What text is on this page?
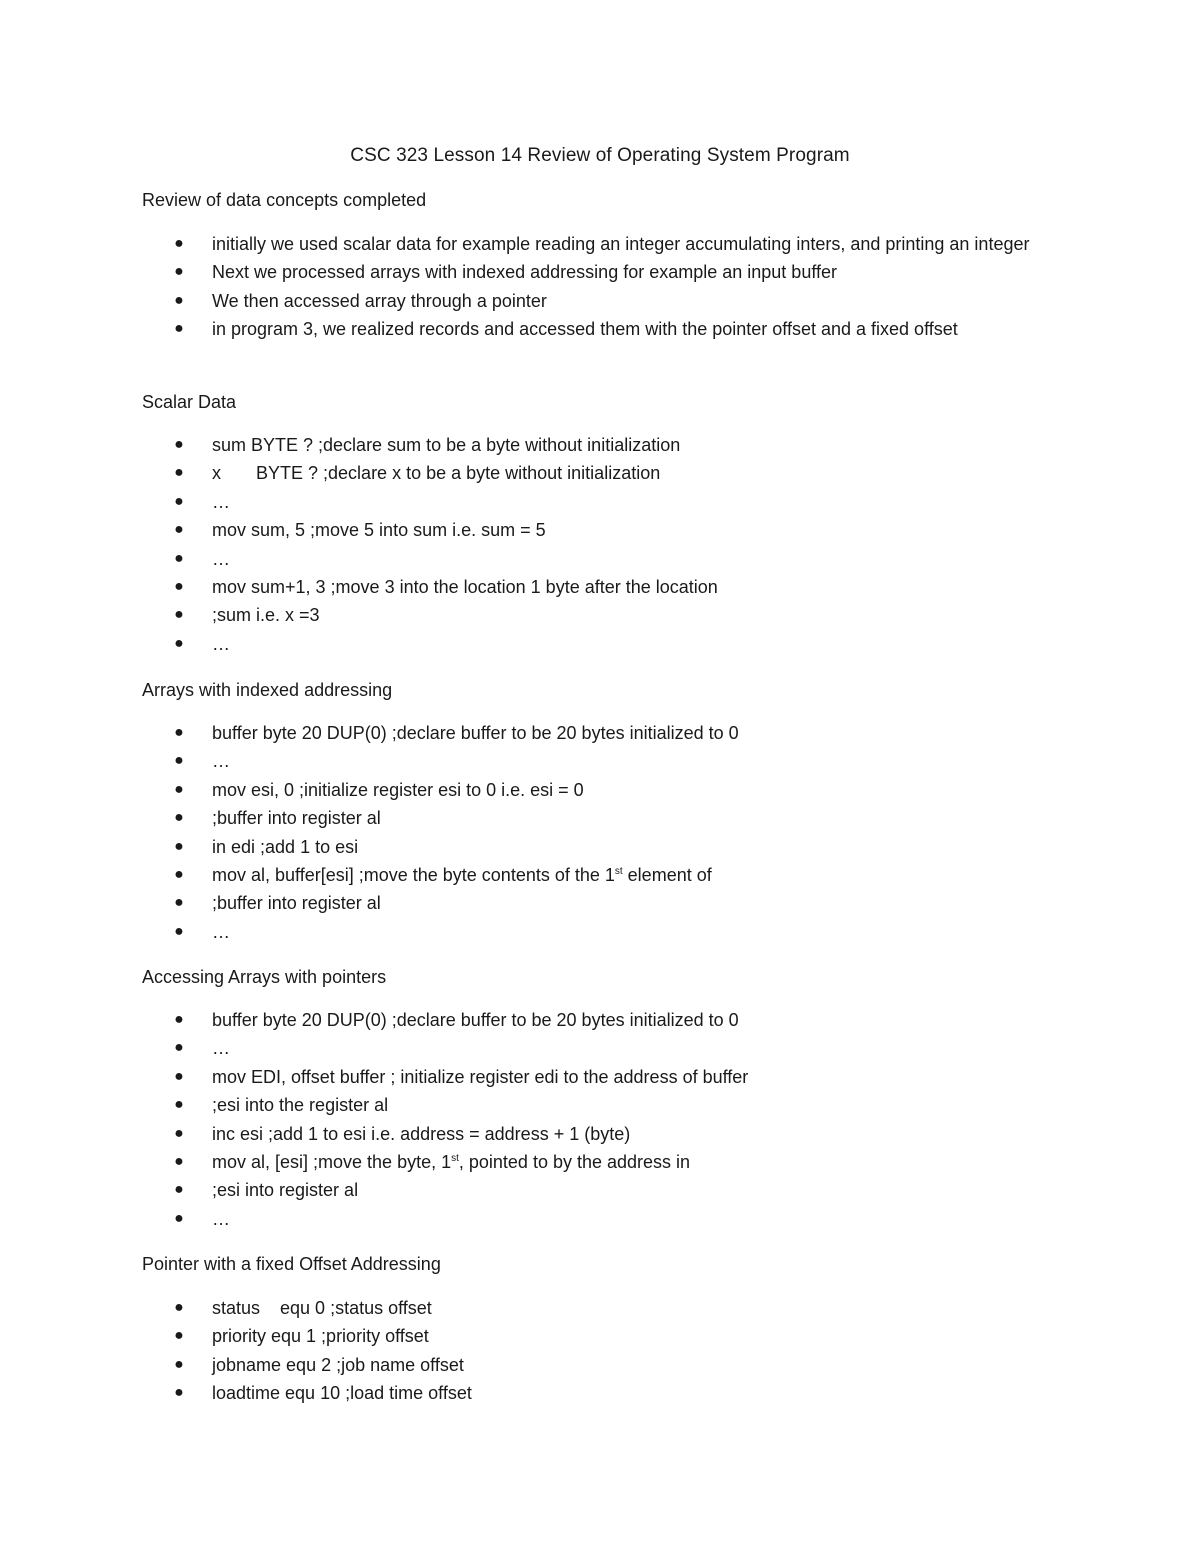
CSC 323 Lesson 14 Review of Operating System Program
Review of data concepts completed
● initially we used scalar data for example reading an integer accumulating inters, and printing an integer
● Next we processed arrays with indexed addressing for example an input buffer
● We then accessed array through a pointer
● in program 3, we realized records and accessed them with the pointer offset and a fixed offset
Scalar Data
● sum BYTE ? ;declare sum to be a byte without initialization
● x       BYTE ? ;declare x to be a byte without initialization
● …
● mov sum, 5 ;move 5 into sum i.e. sum = 5
● …
● mov sum+1, 3 ;move 3 into the location 1 byte after the location
● ;sum i.e. x =3
● …
Arrays with indexed addressing
● buffer byte 20 DUP(0) ;declare buffer to be 20 bytes initialized to 0
● …
● mov esi, 0 ;initialize register esi to 0 i.e. esi = 0
● ;buffer into register al
● in edi ;add 1 to esi
● mov al, buffer[esi] ;move the byte contents of the 1st element of
● ;buffer into register al
● …
Accessing Arrays with pointers
● buffer byte 20 DUP(0) ;declare buffer to be 20 bytes initialized to 0
● …
● mov EDI, offset buffer ; initialize register edi to the address of buffer
● ;esi into the register al
● inc esi ;add 1 to esi i.e. address = address + 1 (byte)
● mov al, [esi] ;move the byte, 1st, pointed to by the address in
● ;esi into register al
● …
Pointer with a fixed Offset Addressing
● status    equ 0 ;status offset
● priority equ 1 ;priority offset
● jobname equ 2 ;job name offset
● loadtime equ 10 ;load time offset
